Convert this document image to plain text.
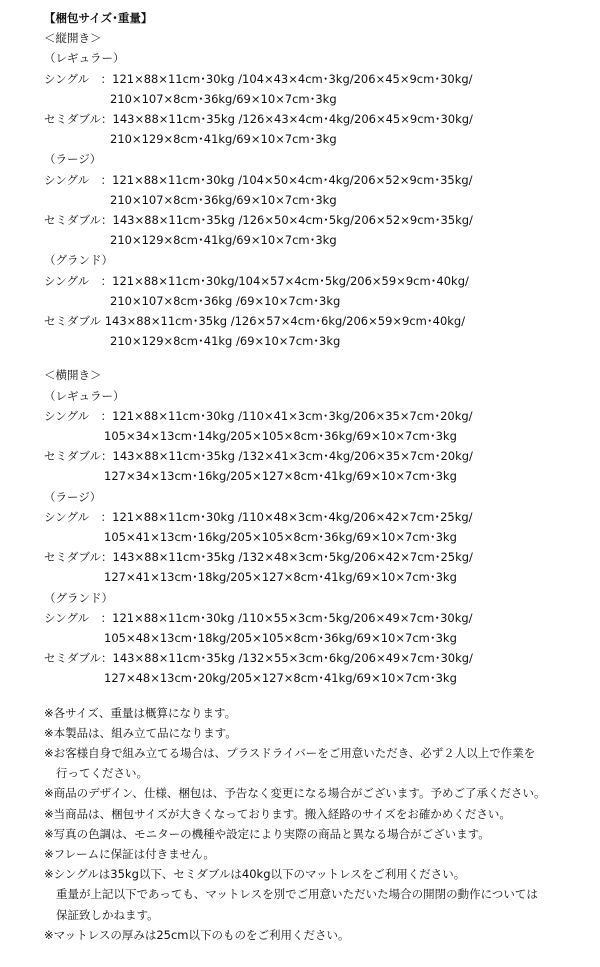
【梱包サイズ･重量】
＜縦開き＞
（レギュラー）
シングル　：121×88×11cm･30kg /104×43×4cm･3kg/206×45×9cm･30kg/
210×107×8cm･36kg/69×10×7cm･3kg
セミダブル：143×88×11cm･35kg /126×43×4cm･4kg/206×45×9cm･30kg/
210×129×8cm･41kg/69×10×7cm･3kg
（ラージ）
シングル　：121×88×11cm･30kg /104×50×4cm･4kg/206×52×9cm･35kg/
210×107×8cm･36kg/69×10×7cm･3kg
セミダブル：143×88×11cm･35kg /126×50×4cm･5kg/206×52×9cm･35kg/
210×129×8cm･41kg/69×10×7cm･3kg
（グランド）
シングル　：121×88×11cm･30kg/104×57×4cm･5kg/206×59×9cm･40kg/
210×107×8cm･36kg /69×10×7cm･3kg
セミダブル 143×88×11cm･35kg /126×57×4cm･6kg/206×59×9cm･40kg/
210×129×8cm･41kg /69×10×7cm･3kg
＜横開き＞
（レギュラー）
シングル　：121×88×11cm･30kg /110×41×3cm･3kg/206×35×7cm･20kg/
105×34×13cm･14kg/205×105×8cm･36kg/69×10×7cm･3kg
セミダブル：143×88×11cm･35kg /132×41×3cm･4kg/206×35×7cm･20kg/
127×34×13cm･16kg/205×127×8cm･41kg/69×10×7cm･3kg
（ラージ）
シングル　：121×88×11cm･30kg /110×48×3cm･4kg/206×42×7cm･25kg/
105×41×13cm･16kg/205×105×8cm･36kg/69×10×7cm･3kg
セミダブル：143×88×11cm･35kg /132×48×3cm･5kg/206×42×7cm･25kg/
127×41×13cm･18kg/205×127×8cm･41kg/69×10×7cm･3kg
（グランド）
シングル　：121×88×11cm･30kg /110×55×3cm･5kg/206×49×7cm･30kg/
105×48×13cm･18kg/205×105×8cm･36kg/69×10×7cm･3kg
セミダブル：143×88×11cm･35kg /132×55×3cm･6kg/206×49×7cm･30kg/
127×48×13cm･20kg/205×127×8cm･41kg/69×10×7cm･3kg
※各サイズ、重量は概算になります。
※本製品は、組み立て品になります。
※お客様自身で組み立てる場合は、プラスドライバーをご用意いただき、必ず２人以上で作業を
行ってください。
※商品のデザイン、仕様、梱包は、予告なく変更になる場合がございます。予めご了承ください。
※当商品は、梱包サイズが大きくなっております。搬入経路のサイズをお確かめください。
※写真の色調は、モニターの機種や設定により実際の商品と異なる場合がございます。
※フレームに保証は付きません。
※シングルは35kg以下、セミダブルは40kg以下のマットレスをご利用ください。
重量が上記以下であっても、マットレスを別でご用意いただいた場合の開閉の動作については
保証致しかねます。
※マットレスの厚みは25cm以下のものをご利用ください。
